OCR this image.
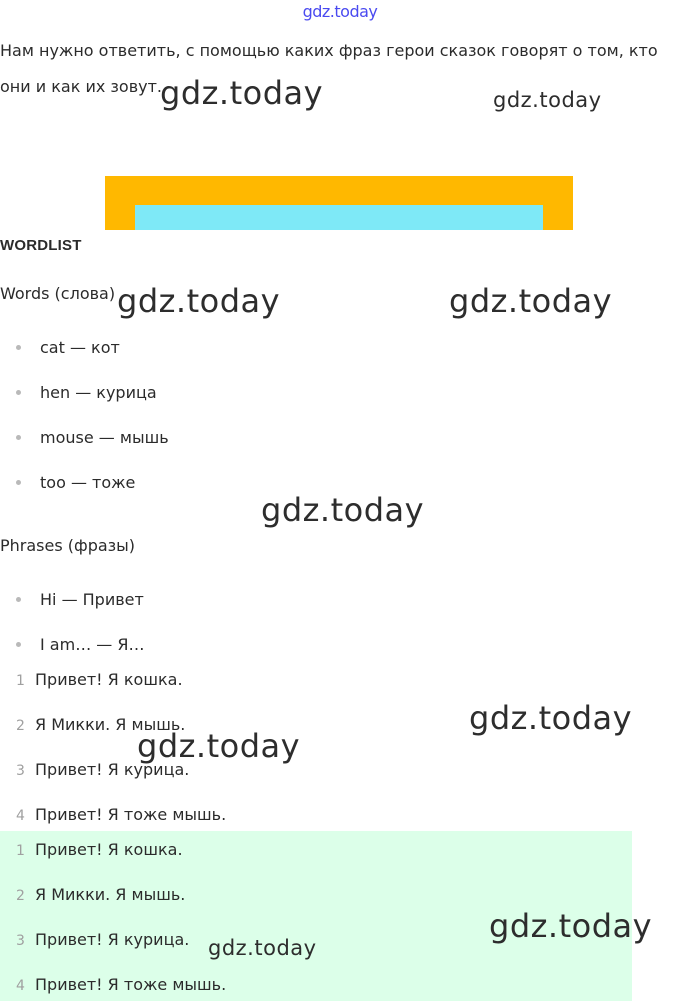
gdz.today
Нам нужно ответить, с помощью каких фраз герои сказок говорят о том, кто
они и как их зовут.
WORDLIST
Words (слова)
cat — кот
hen — курица
mouse — мышь
too — тоже
Phrases (фразы)
Hi — Привет
I am… — Я…
1 Привет! Я кошка.
2 Я Микки. Я мышь.
3 Привет! Я курица.
4 Привет! Я тоже мышь.
1 Привет! Я кошка.
2 Я Микки. Я мышь.
3 Привет! Я курица.
4 Привет! Я тоже мышь.
gdz.today	gdz.today
gdz.today	gdz.today
gdz.today
gdz.today
gdz.today
gdz.today
gdz.today
